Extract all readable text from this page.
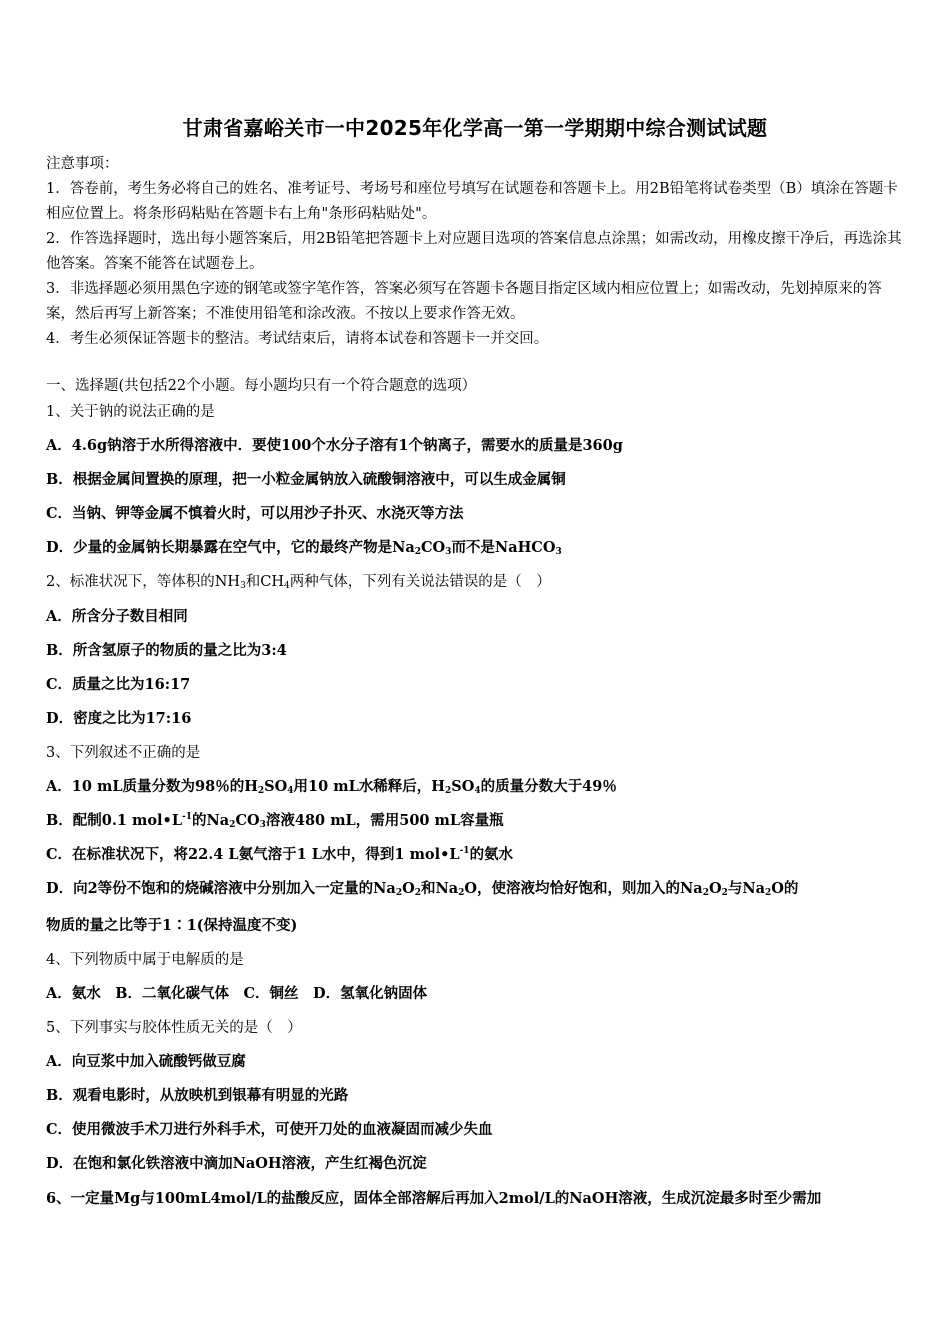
甘肃省嘉峪关市一中2025年化学高一第一学期期中综合测试试题

注意事项：

1．答卷前，考生务必将自己的姓名、准考证号、考场号和座位号填写在试题卷和答题卡上。用2B铅笔将试卷类型（B）填涂在答题卡相应位置上。将条形码粘贴在答题卡右上角"条形码粘贴处"。

2．作答选择题时，选出每小题答案后，用2B铅笔把答题卡上对应题目选项的答案信息点涂黑；如需改动，用橡皮擦干净后，再选涂其他答案。答案不能答在试题卷上。

3．非选择题必须用黑色字迹的钢笔或签字笔作答，答案必须写在答题卡各题目指定区域内相应位置上；如需改动，先划掉原来的答案，然后再写上新答案；不准使用铅笔和涂改液。不按以上要求作答无效。

4．考生必须保证答题卡的整洁。考试结束后，请将本试卷和答题卡一并交回。

一、选择题(共包括22个小题。每小题均只有一个符合题意的选项）
1、关于钠的说法正确的是
A．4.6g钠溶于水所得溶液中．要使100个水分子溶有1个钠离子，需要水的质量是360g
B．根据金属间置换的原理，把一小粒金属钠放入硫酸铜溶液中，可以生成金属铜
C．当钠、钾等金属不慎着火时，可以用沙子扑灭、水浇灭等方法
D．少量的金属钠长期暴露在空气中，它的最终产物是$Na_2CO_3$而不是NaHCO$_3$
2、标准状况下，等体积的$NH_3$和$CH_4$两种气体，下列有关说法错误的是（　）
A．所含分子数目相同
B．所含氢原子的物质的量之比为3:4
C．质量之比为16:17
D．密度之比为17:16
3、下列叙述不正确的是
A．10 mL质量分数为98％的$H_2SO_4$用10 mL水稀释后，$H_2SO_4$的质量分数大于49％
B．配制0.1 $mol•L^{-1}$的$Na_2CO_3$溶液480 mL，需用500 mL容量瓶
C．在标准状况下，将22.4 L氨气溶于1 L水中，得到1 $mol•L^{-1}$的氨水
D．向2等份不饱和的烧碱溶液中分别加入一定量的$Na_2O_2$和$Na_2O$，使溶液均恰好饱和，则加入的$Na_2O_2$与$Na_2O$的
物质的量之比等于1∶1(保持温度不变)
4、下列物质中属于电解质的是
A．氨水　B．二氧化碳气体　C．铜丝　D．氢氧化钠固体
5、下列事实与胶体性质无关的是（　）
A．向豆浆中加入硫酸钙做豆腐
B．观看电影时，从放映机到银幕有明显的光路
C．使用微波手术刀进行外科手术，可使开刀处的血液凝固而减少失血
D．在饱和氯化铁溶液中滴加NaOH溶液，产生红褐色沉淀
6、一定量Mg与100mL4mol/L的盐酸反应，固体全部溶解后再加入2mol/L的NaOH溶液，生成沉淀最多时至少需加
